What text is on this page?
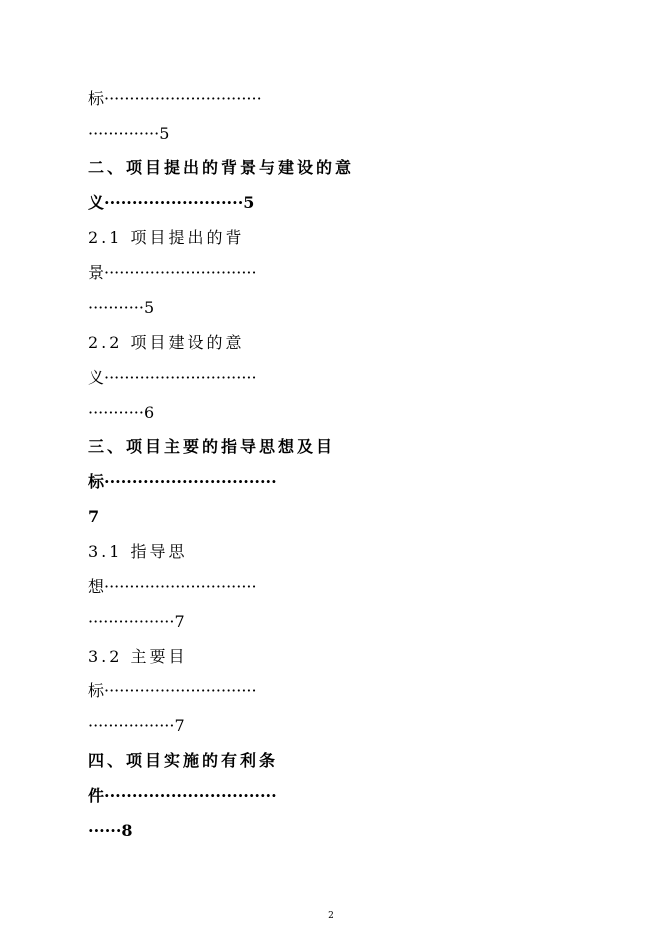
标·······························
··············5
二、项目提出的背景与建设的意
义·························5
2.1 项目提出的背
景······························
···········5
2.2 项目建设的意
义······························
···········6
三、项目主要的指导思想及目
标·······························
7
3.1 指导思
想······························
·················7
3.2 主要目
标······························
·················7
四、项目实施的有利条
件·······························
······8
2
